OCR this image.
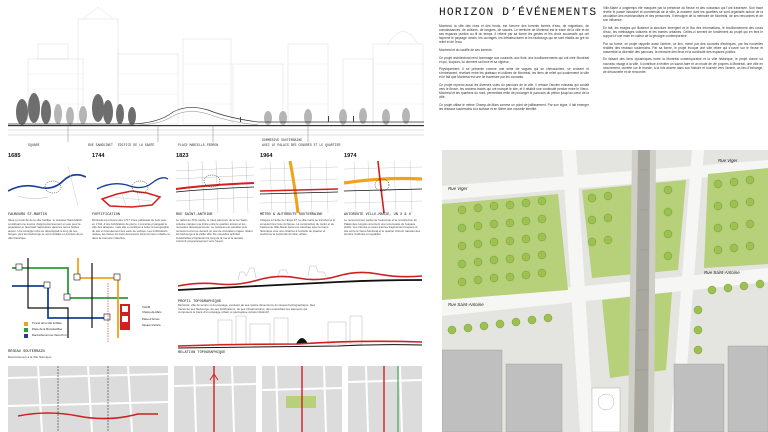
SQUARE	RUE SANGUINET ÉDIFICE DE LA SANTÉ	PLACE MARCELLE-FERRON
SOMMERIVE SOUTERRAINE
AVEC LE PALAIS DES CONGRÈS ET LE QUARTIER
1685
FAUBOURG ST-MARTIN
Situé à proximité de la ville fortifiée, le ruisseau Saint-Martin constituait une source d’approvisionnement en eau pour la population et favorisait l’agriculture dans les terres fertiles autour. Une écologie riche se développait le long de ses berges, puis les faubourgs se sont installés en bordure de la ville historique.
1744
FORTIFICATION
Montréal est entouré dès 1717 d’une palissade de bois puis, en 1744, d’une fortification de pierre. L’enceinte protégeait la ville des attaques, mais elle a contribué à isoler la topographie du site et l’écoulement des eaux de surface. Les fortifications rasées, les traces du tracé demeurent dans la trame urbaine et dans la mémoire collective.
1823
RUE SAINT-ANTOINE
Le début du XIXe siècle, le tracé parcouru de la rue Saint-Antoine marque une limite entre le quartier ancien et les nouveaux développements. Le ruisseau est canalisé puis recouvert et la rue devient un axe de circulation majeur reliant les faubourgs à la vieille ville. De nouvelles activités industrielles s’implantent le long de la rue et la densité s’accroît progressivement vers l’ouest.
1964
MÉTRO & AUTOROUTE SOUTERRAINE
Intégrée à l’aube de l’Expo 67, la ville-marie se transforme et conquiert les rives du fleuve. La construction du métro et de l’autoroute Ville-Marie dans une tranchée sous la trame historique crée une cicatrice à l’échelle du quartier et sectionne la continuité du tissu urbain.
1974
AUTOROUTE VILLE-MARIE, UN X & X
Le recouvrement partiel de l’autoroute et la construction du Palais des congrès amorcent une reconquête de l’espace public. Les trémies et voies d’accès fragmentent toujours le site entre le Vieux-Montréal et le quartier chinois, laissant des terrains résiduels à requalifier.
CHUM
Champ-de-Mars
Place-d’Armes
Square-Victoria
Tunnel de la ville fortifiée
Place de la Montréal-Bue
Raccordement au Vieux-Port
RÉSEAU SOUTERRAIN
Raccordement à la ville historique
PROFIL TOPOGRAPHIQUE
Montréal, ville du temps et du paysage, évoluant de ses quatre dimensions du réseau hydrographique. Des traces de ses faubourgs, de ses fortifications, de ses infrastructures, des ensembles les éléments qui composent le tracé d’un paysage urbain et géologique culturel distinctif.
RELATION TOPOGRAPHIQUE
HORIZON D’ÉVÉNEMENTS

Montréal, la ville des rives et des fonds, est l’œuvre des torrents formés d’eau, de migrations, de connaissances, de cultures, de langues, de savoirs. Le territoire de Montréal est le tracé de la ville et de ses espaces publics au fil du temps. Il retient par sa forme les gestes et les choix successifs qui ont façonné le paysage urbain, les ouvrages, les infrastructures et les faubourgs qui se sont établis au gré du relief et de l’eau.

Montréal et du souffle de ses torrents.

Ce projet architectural rend hommage aux courants, aux flots, aux bouillonnements qui ont créé Montréal et qui, toujours, lui donnent sa force et sa vigueur.

Physiquement, il se présente comme une série de vagues qui se chevauchent, se croisent et s’entrelacent, révélant entre les plateaux et collines de Montréal, les liens de relief qui soutiennent la ville et le fait que Montréal est une île traversée par les courants.

Ce projet reprend aussi les diverses voies du parcours de la ville. Il retrace l’ancien ruisseau qui coulait vers le fleuve, les anciens tracés qui ont marqué le site, et il rétablit une continuité perdue entre le Vieux-Montréal et les quartiers du nord, permettant enfin de prolonger le parcours du piéton jusqu’au cœur de la ville.

Ce projet utilise le même Champ-de-Mars comme un point de jaillissement. Par son signe, il fait émerger les réseaux souterrains à la surface et en libère une nouvelle identité.

Ville-Marie a longtemps été marquée par la présence du fleuve et des ruisseaux qui l’ont traversée. Son tracé révèle le passé industriel et commercial de la ville, la manière dont les quartiers se sont organisés autour de la circulation des marchandises et des personnes. Il témoigne de la mémoire de Montréal, de ses rencontres et de son influence.

En fait, les images qui illustrent la structure émergent et le flux des informations, le bouillonnement des cours d’eau, les métissages culturels et les trames urbaines. Celles-ci servent de fondement au projet qui en fera le support d’une mise en valeur de la géologie contemporaine.

Par sa forme, ce projet rappelle aussi l’arrière, ce lien, mené par des courants électriques, par les nouvelles réalités des réseaux souterrains. Par sa forme, le projet évoque une ville reliée qui s’ouvre sur le fleuve et rassemble la diversité des parcours, la mémoire des lieux et la continuité des espaces publics.

En faisant des liens dynamiques entre la Montréal contemporaine et la ville historique, le projet donne un nouveau visage à la ville. Il contribue à révéler un savoir-faire et un mode de vie propres à Montréal, une ville en mouvement, ouverte sur le monde, à la fois ancrée dans son histoire et tournée vers l’avenir, un lieu d’échange, de découverte et de rencontre.

Rue Viger
Rue Viger
Rue Saint-Antoine
Rue Saint-Antoine
